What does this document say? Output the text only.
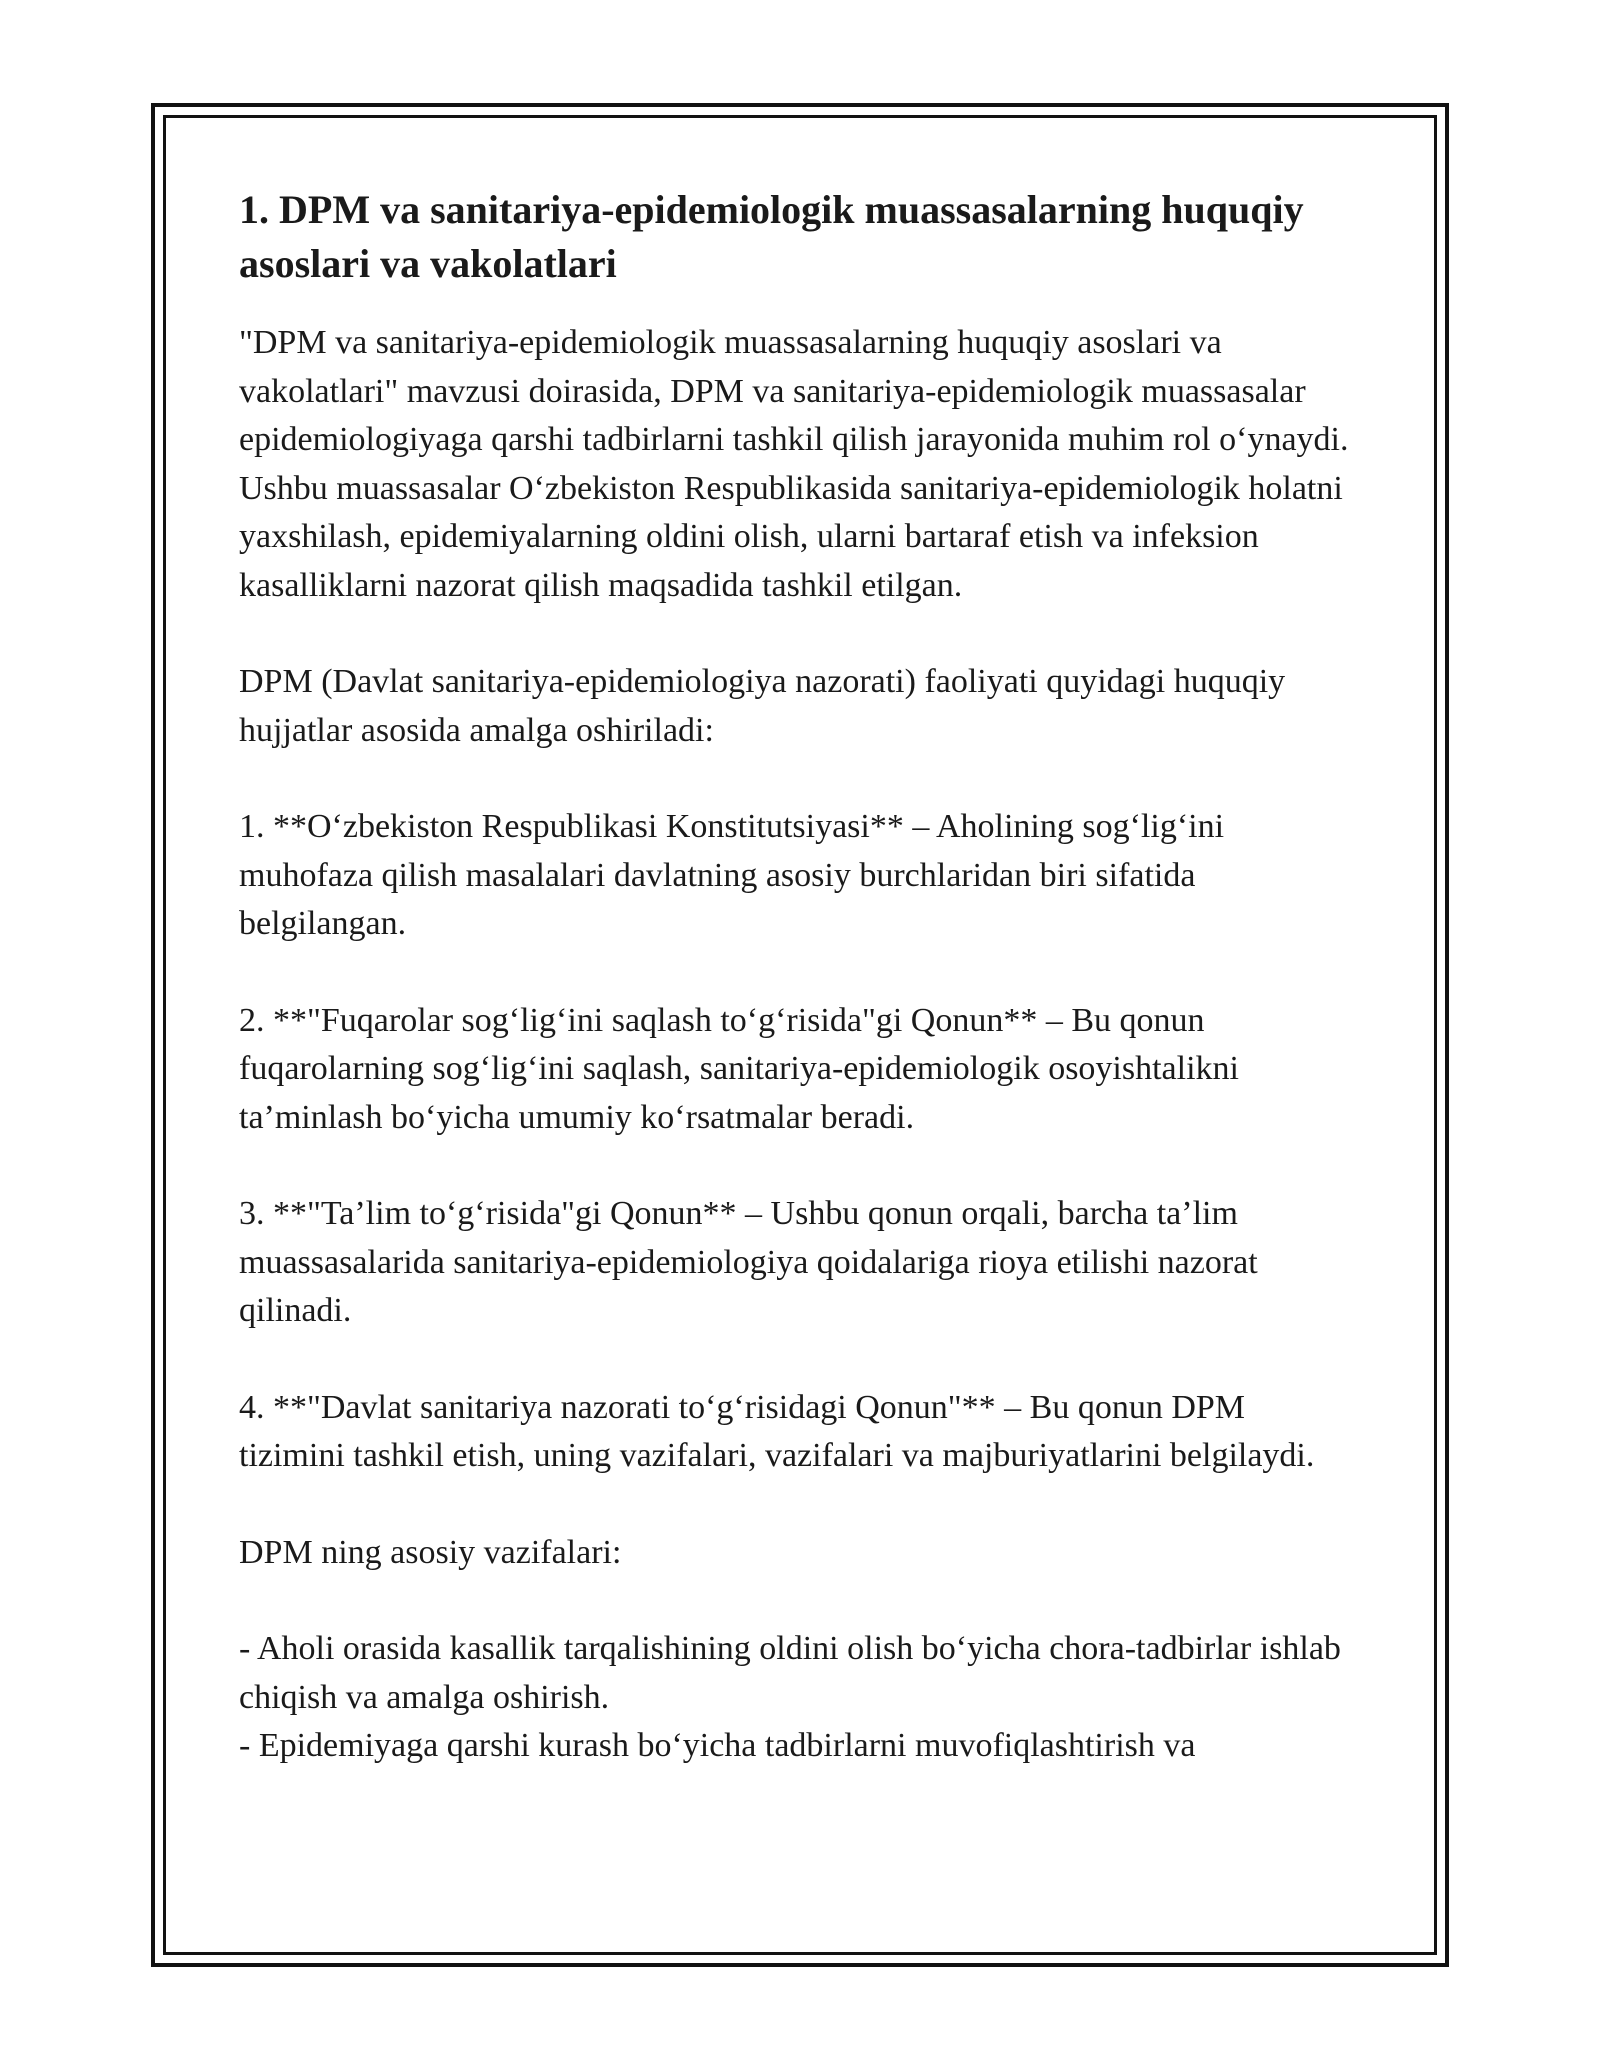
1. DPM va sanitariya-epidemiologik muassasalarning huquqiy asoslari va vakolatlari

"DPM va sanitariya-epidemiologik muassasalarning huquqiy asoslari va vakolatlari" mavzusi doirasida, DPM va sanitariya-epidemiologik muassasalar epidemiologiyaga qarshi tadbirlarni tashkil qilish jarayonida muhim rol o‘ynaydi. Ushbu muassasalar O‘zbekiston Respublikasida sanitariya-epidemiologik holatni yaxshilash, epidemiyalarning oldini olish, ularni bartaraf etish va infeksion kasalliklarni nazorat qilish maqsadida tashkil etilgan.

DPM (Davlat sanitariya-epidemiologiya nazorati) faoliyati quyidagi huquqiy hujjatlar asosida amalga oshiriladi:

1. **O‘zbekiston Respublikasi Konstitutsiyasi** – Aholining sog‘lig‘ini muhofaza qilish masalalari davlatning asosiy burchlaridan biri sifatida belgilangan.

2. **"Fuqarolar sog‘lig‘ini saqlash to‘g‘risida"gi Qonun** – Bu qonun fuqarolarning sog‘lig‘ini saqlash, sanitariya-epidemiologik osoyishtalikni ta’minlash bo‘yicha umumiy ko‘rsatmalar beradi.

3. **"Ta’lim to‘g‘risida"gi Qonun** – Ushbu qonun orqali, barcha ta’lim muassasalarida sanitariya-epidemiologiya qoidalariga rioya etilishi nazorat qilinadi.

4. **"Davlat sanitariya nazorati to‘g‘risidagi Qonun"** – Bu qonun DPM tizimini tashkil etish, uning vazifalari, vazifalari va majburiyatlarini belgilaydi.

DPM ning asosiy vazifalari:

- Aholi orasida kasallik tarqalishining oldini olish bo‘yicha chora-tadbirlar ishlab chiqish va amalga oshirish.

- Epidemiyaga qarshi kurash bo‘yicha tadbirlarni muvofiqlashtirish va
